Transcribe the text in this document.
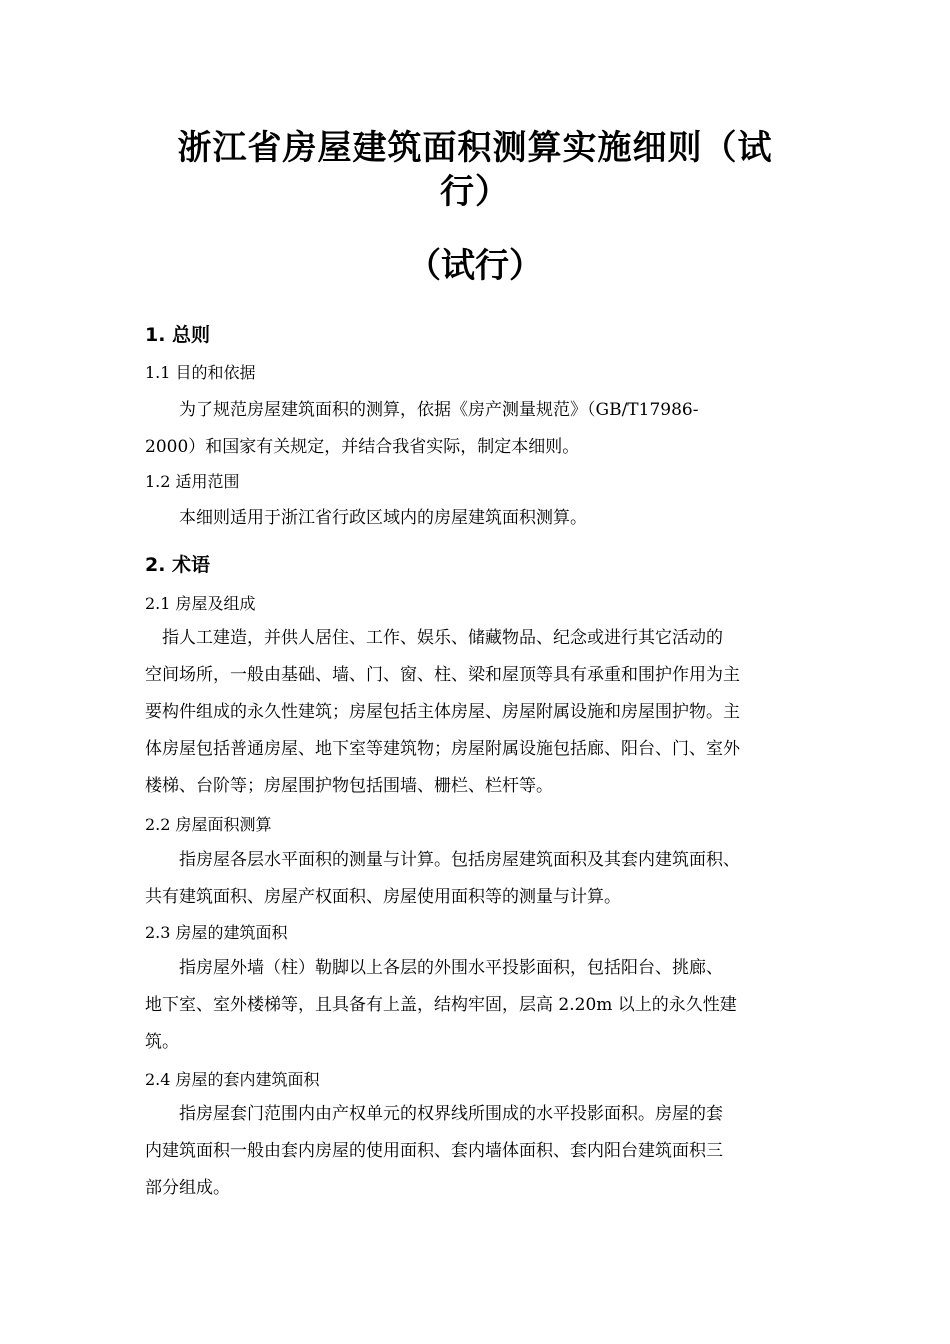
浙江省房屋建筑面积测算实施细则（试
行）
（试行）
1. 总则
1.1 目的和依据
　　为了规范房屋建筑面积的测算，依据《房产测量规范》（GB/T17986-
2000）和国家有关规定，并结合我省实际，制定本细则。
1.2 适用范围
　　本细则适用于浙江省行政区域内的房屋建筑面积测算。
2. 术语
2.1 房屋及组成
　指人工建造，并供人居住、工作、娱乐、储藏物品、纪念或进行其它活动的
空间场所，一般由基础、墙、门、窗、柱、梁和屋顶等具有承重和围护作用为主
要构件组成的永久性建筑；房屋包括主体房屋、房屋附属设施和房屋围护物。主
体房屋包括普通房屋、地下室等建筑物；房屋附属设施包括廊、阳台、门、室外
楼梯、台阶等；房屋围护物包括围墙、栅栏、栏杆等。
2.2 房屋面积测算
　　指房屋各层水平面积的测量与计算。包括房屋建筑面积及其套内建筑面积、
共有建筑面积、房屋产权面积、房屋使用面积等的测量与计算。
2.3 房屋的建筑面积
　　指房屋外墙（柱）勒脚以上各层的外围水平投影面积，包括阳台、挑廊、
地下室、室外楼梯等，且具备有上盖，结构牢固，层高 2.20m 以上的永久性建
筑。
2.4 房屋的套内建筑面积
　　指房屋套门范围内由产权单元的权界线所围成的水平投影面积。房屋的套
内建筑面积一般由套内房屋的使用面积、套内墙体面积、套内阳台建筑面积三
部分组成。
